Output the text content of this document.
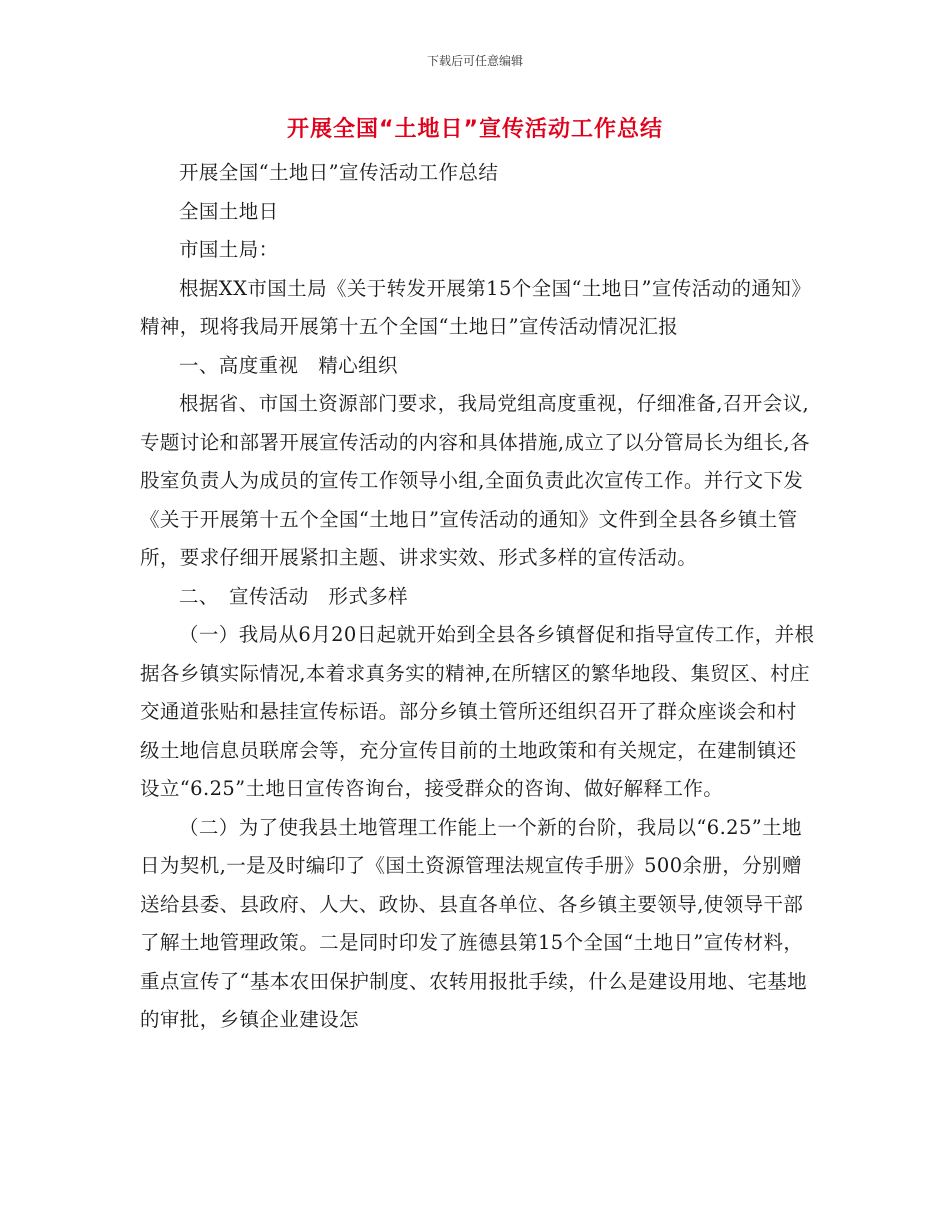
下载后可任意编辑
开展全国“土地日”宣传活动工作总结

开展全国“土地日”宣传活动工作总结

全国土地日

市国土局：

根据XX市国土局《关于转发开展第15个全国“土地日”宣传活动的通知》精神，现将我局开展第十五个全国“土地日”宣传活动情况汇报

一、高度重视　精心组织

根据省、市国土资源部门要求，我局党组高度重视，仔细准备,召开会议,专题讨论和部署开展宣传活动的内容和具体措施,成立了以分管局长为组长,各股室负责人为成员的宣传工作领导小组,全面负责此次宣传工作。并行文下发《关于开展第十五个全国“土地日”宣传活动的通知》文件到全县各乡镇土管所，要求仔细开展紧扣主题、讲求实效、形式多样的宣传活动。

二、　宣传活动　形式多样

（一）我局从6月20日起就开始到全县各乡镇督促和指导宣传工作，并根据各乡镇实际情况,本着求真务实的精神,在所辖区的繁华地段、集贸区、村庄交通道张贴和悬挂宣传标语。部分乡镇土管所还组织召开了群众座谈会和村级土地信息员联席会等，充分宣传目前的土地政策和有关规定，在建制镇还设立“6.25”土地日宣传咨询台，接受群众的咨询、做好解释工作。

（二）为了使我县土地管理工作能上一个新的台阶，我局以“6.25”土地日为契机,一是及时编印了《国土资源管理法规宣传手册》500余册，分别赠送给县委、县政府、人大、政协、县直各单位、各乡镇主要领导,使领导干部了解土地管理政策。二是同时印发了旌德县第15个全国“土地日”宣传材料，重点宣传了“基本农田保护制度、农转用报批手续，什么是建设用地、宅基地的审批，乡镇企业建设怎
